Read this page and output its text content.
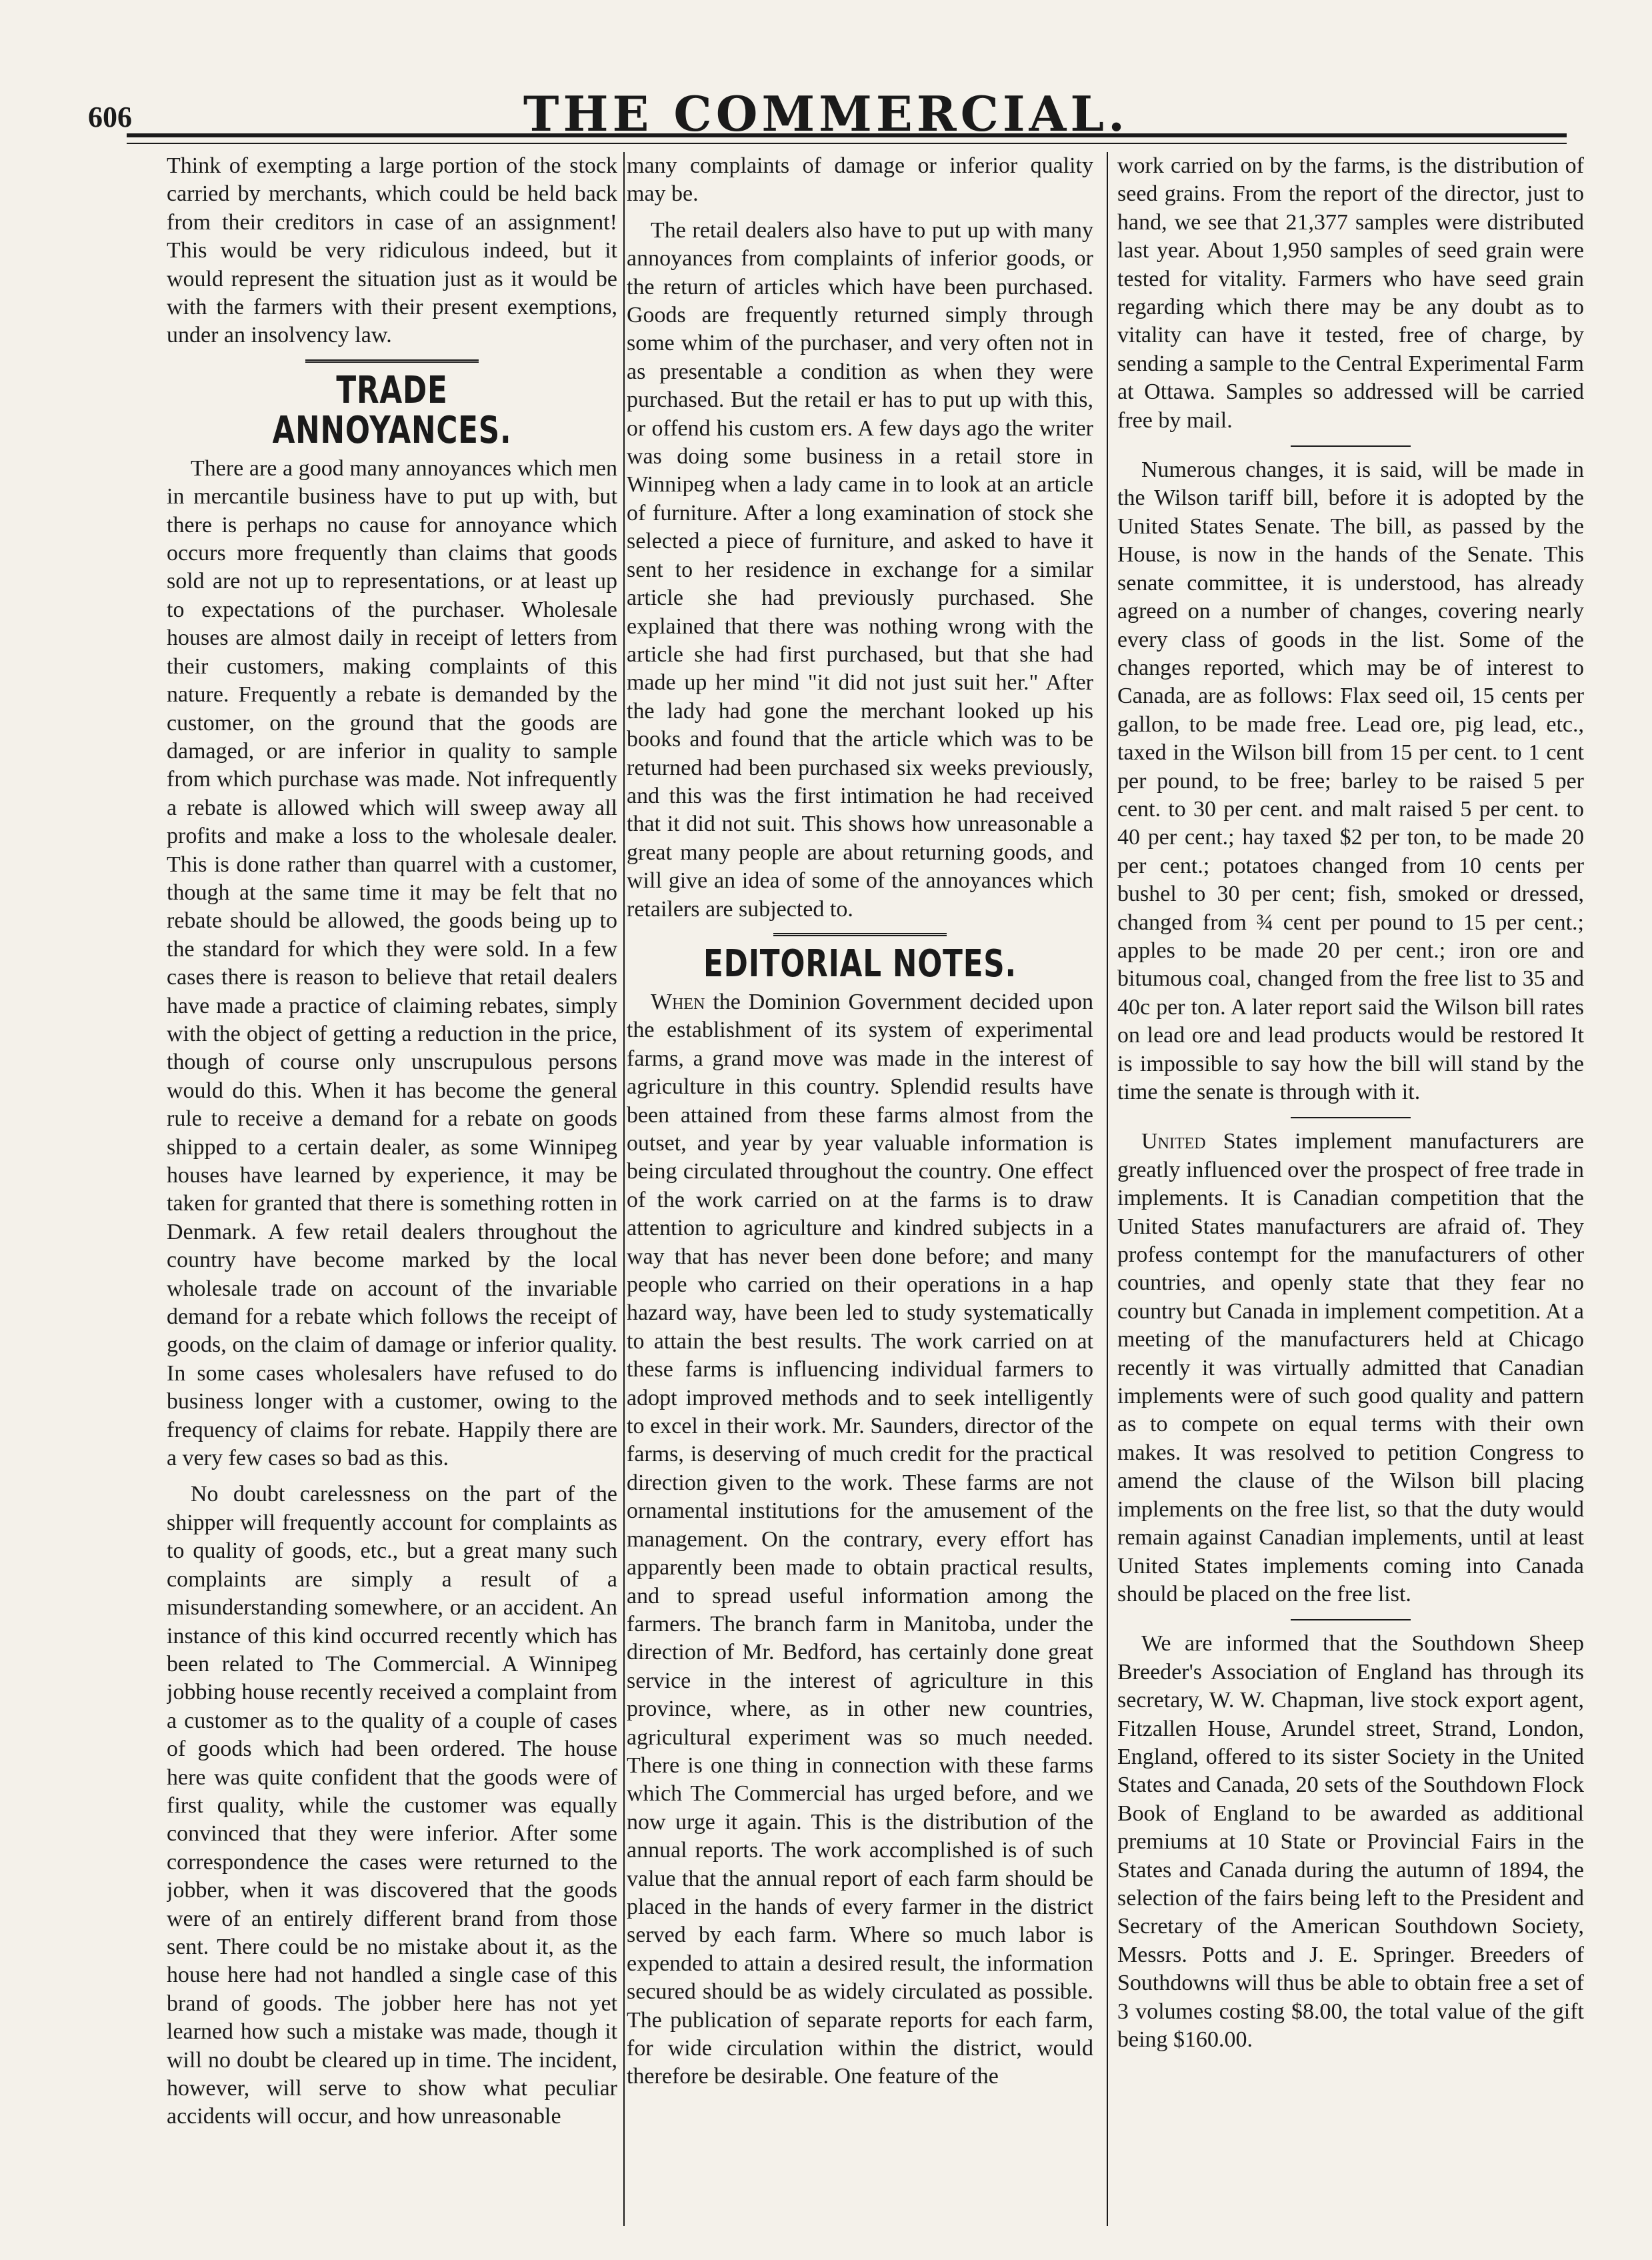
606	THE COMMERCIAL.

Think of exempting a large portion of the stock carried by merchants, which could be held back from their creditors in case of an assignment! This would be very ridiculous indeed, but it would represent the situation just as it would be with the farmers with their present exemptions, under an insolvency law.

TRADE ANNOYANCES.

There are a good many annoyances which men in mercantile business have to put up with, but there is perhaps no cause for annoyance which occurs more frequently than claims that goods sold are not up to representations, or at least up to expectations of the purchaser. Wholesale houses are almost daily in receipt of letters from their customers, making complaints of this nature. Frequently a rebate is demanded by the customer, on the ground that the goods are damaged, or are inferior in quality to sample from which purchase was made. Not infrequently a rebate is allowed which will sweep away all profits and make a loss to the wholesale dealer. This is done rather than quarrel with a customer, though at the same time it may be felt that no rebate should be allowed, the goods being up to the standard for which they were sold. In a few cases there is reason to believe that retail dealers have made a practice of claiming rebates, simply with the object of getting a reduction in the price, though of course only unscrupulous persons would do this. When it has become the general rule to receive a demand for a rebate on goods shipped to a certain dealer, as some Winnipeg houses have learned by experience, it may be taken for granted that there is something rotten in Denmark. A few retail dealers throughout the country have become marked by the local wholesale trade on account of the invariable demand for a rebate which follows the receipt of goods, on the claim of damage or inferior quality. In some cases wholesalers have refused to do business longer with a customer, owing to the frequency of claims for rebate. Happily there are a very few cases so bad as this.

No doubt carelessness on the part of the shipper will frequently account for complaints as to quality of goods, etc., but a great many such complaints are simply a result of a misunderstanding somewhere, or an accident. An instance of this kind occurred recently which has been related to The Commercial. A Winnipeg jobbing house recently received a complaint from a customer as to the quality of a couple of cases of goods which had been ordered. The house here was quite confident that the goods were of first quality, while the customer was equally convinced that they were inferior. After some correspondence the cases were returned to the jobber, when it was discovered that the goods were of an entirely different brand from those sent. There could be no mistake about it, as the house here had not handled a single case of this brand of goods. The jobber here has not yet learned how such a mistake was made, though it will no doubt be cleared up in time. The incident, however, will serve to show what peculiar accidents will occur, and how unreasonable

many complaints of damage or inferior quality may be.

The retail dealers also have to put up with many annoyances from complaints of inferior goods, or the return of articles which have been purchased. Goods are frequently returned simply through some whim of the purchaser, and very often not in as presentable a condition as when they were purchased. But the retail er has to put up with this, or offend his custom ers. A few days ago the writer was doing some business in a retail store in Winnipeg when a lady came in to look at an article of furniture. After a long examination of stock she selected a piece of furniture, and asked to have it sent to her residence in exchange for a similar article she had previously purchased. She explained that there was nothing wrong with the article she had first purchased, but that she had made up her mind "it did not just suit her." After the lady had gone the merchant looked up his books and found that the article which was to be returned had been purchased six weeks previously, and this was the first intimation he had received that it did not suit. This shows how unreasonable a great many people are about returning goods, and will give an idea of some of the annoyances which retailers are subjected to.

EDITORIAL NOTES.

When the Dominion Government decided upon the establishment of its system of experimental farms, a grand move was made in the interest of agriculture in this country. Splendid results have been attained from these farms almost from the outset, and year by year valuable information is being circulated throughout the country. One effect of the work carried on at the farms is to draw attention to agriculture and kindred subjects in a way that has never been done before; and many people who carried on their operations in a hap hazard way, have been led to study systematically to attain the best results. The work carried on at these farms is influencing individual farmers to adopt improved methods and to seek intelligently to excel in their work. Mr. Saunders, director of the farms, is deserving of much credit for the practical direction given to the work. These farms are not ornamental institutions for the amusement of the management. On the contrary, every effort has apparently been made to obtain practical results, and to spread useful information among the farmers. The branch farm in Manitoba, under the direction of Mr. Bedford, has certainly done great service in the interest of agriculture in this province, where, as in other new countries, agricultural experiment was so much needed. There is one thing in connection with these farms which The Commercial has urged before, and we now urge it again. This is the distribution of the annual reports. The work accomplished is of such value that the annual report of each farm should be placed in the hands of every farmer in the district served by each farm. Where so much labor is expended to attain a desired result, the information secured should be as widely circulated as possible. The publication of separate reports for each farm, for wide circulation within the district, would therefore be desirable. One feature of the

work carried on by the farms, is the distribution of seed grains. From the report of the director, just to hand, we see that 21,377 samples were distributed last year. About 1,950 samples of seed grain were tested for vitality. Farmers who have seed grain regarding which there may be any doubt as to vitality can have it tested, free of charge, by sending a sample to the Central Experimental Farm at Ottawa. Samples so addressed will be carried free by mail.

Numerous changes, it is said, will be made in the Wilson tariff bill, before it is adopted by the United States Senate. The bill, as passed by the House, is now in the hands of the Senate. This senate committee, it is understood, has already agreed on a number of changes, covering nearly every class of goods in the list. Some of the changes reported, which may be of interest to Canada, are as follows: Flax seed oil, 15 cents per gallon, to be made free. Lead ore, pig lead, etc., taxed in the Wilson bill from 15 per cent. to 1 cent per pound, to be free; barley to be raised 5 per cent. to 30 per cent. and malt raised 5 per cent. to 40 per cent.; hay taxed $2 per ton, to be made 20 per cent.; potatoes changed from 10 cents per bushel to 30 per cent; fish, smoked or dressed, changed from ¾ cent per pound to 15 per cent.; apples to be made 20 per cent.; iron ore and bitumous coal, changed from the free list to 35 and 40c per ton. A later report said the Wilson bill rates on lead ore and lead products would be restored It is impossible to say how the bill will stand by the time the senate is through with it.

United States implement manufacturers are greatly influenced over the prospect of free trade in implements. It is Canadian competition that the United States manufacturers are afraid of. They profess contempt for the manufacturers of other countries, and openly state that they fear no country but Canada in implement competition. At a meeting of the manufacturers held at Chicago recently it was virtually admitted that Canadian implements were of such good quality and pattern as to compete on equal terms with their own makes. It was resolved to petition Congress to amend the clause of the Wilson bill placing implements on the free list, so that the duty would remain against Canadian implements, until at least United States implements coming into Canada should be placed on the free list.

We are informed that the Southdown Sheep Breeder's Association of England has through its secretary, W. W. Chapman, live stock export agent, Fitzallen House, Arundel street, Strand, London, England, offered to its sister Society in the United States and Canada, 20 sets of the Southdown Flock Book of England to be awarded as additional premiums at 10 State or Provincial Fairs in the States and Canada during the autumn of 1894, the selection of the fairs being left to the President and Secretary of the American Southdown Society, Messrs. Potts and J. E. Springer. Breeders of Southdowns will thus be able to obtain free a set of 3 volumes costing $8.00, the total value of the gift being $160.00.
